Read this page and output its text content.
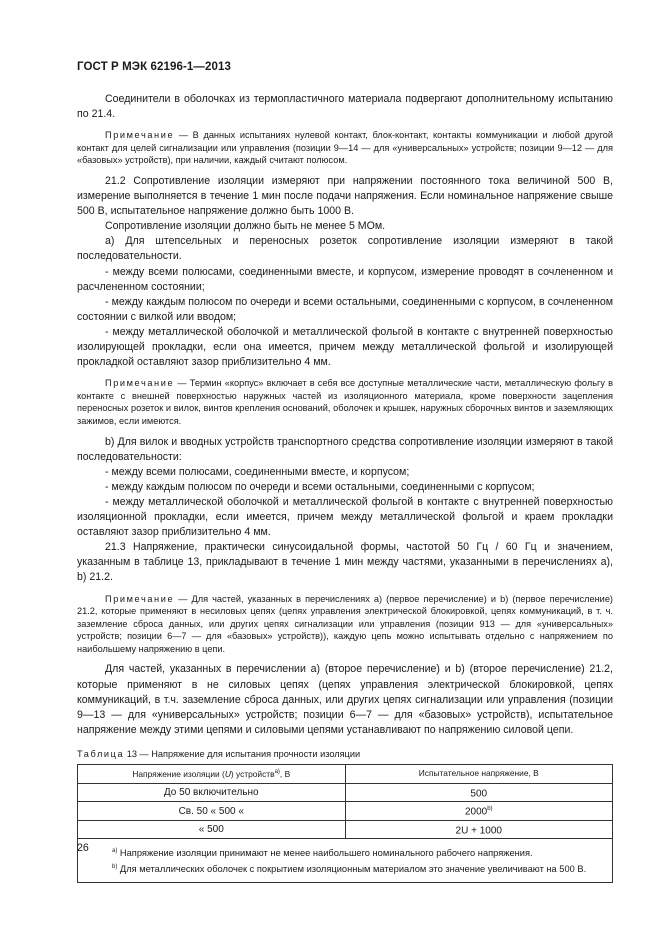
ГОСТ Р МЭК 62196-1—2013

Соединители в оболочках из термопластичного материала подвергают дополнительному испытанию по 21.4.

Примечание — В данных испытаниях нулевой контакт, блок-контакт, контакты коммуникации и любой другой контакт для целей сигнализации или управления (позиции 9—14 — для «универсальных» устройств; позиции 9—12 — для «базовых» устройств), при наличии, каждый считают полюсом.

21.2 Сопротивление изоляции измеряют при напряжении постоянного тока величиной 500 В, измерение выполняется в течение 1 мин после подачи напряжения. Если номинальное напряжение свыше 500 В, испытательное напряжение должно быть 1000 В.

Сопротивление изоляции должно быть не менее 5 МОм.

а) Для штепсельных и переносных розеток сопротивление изоляции измеряют в такой последовательности.

- между всеми полюсами, соединенными вместе, и корпусом, измерение проводят в сочлененном и расчлененном состоянии;

- между каждым полюсом по очереди и всеми остальными, соединенными с корпусом, в сочлененном состоянии с вилкой или вводом;

- между металлической оболочкой и металлической фольгой в контакте с внутренней поверхностью изолирующей прокладки, если она имеется, причем между металлической фольгой и изолирующей прокладкой оставляют зазор приблизительно 4 мм.

Примечание — Термин «корпус» включает в себя все доступные металлические части, металлическую фольгу в контакте с внешней поверхностью наружных частей из изоляционного материала, кроме поверхности зацепления переносных розеток и вилок, винтов крепления оснований, оболочек и крышек, наружных сборочных винтов и заземляющих зажимов, если имеются.

b) Для вилок и вводных устройств транспортного средства сопротивление изоляции измеряют в такой последовательности:

- между всеми полюсами, соединенными вместе, и корпусом;

- между каждым полюсом по очереди и всеми остальными, соединенными с корпусом;

- между металлической оболочкой и металлической фольгой в контакте с внутренней поверхностью изоляционной прокладки, если имеется, причем между металлической фольгой и краем прокладки оставляют зазор приблизительно 4 мм.

21.3 Напряжение, практически синусоидальной формы, частотой 50 Гц / 60 Гц и значением, указанным в таблице 13, прикладывают в течение 1 мин между частями, указанными в перечислениях а), b) 21.2.

Примечание — Для частей, указанных в перечислениях а) (первое перечисление) и b) (первое перечисление) 21.2, которые применяют в несиловых цепях (цепях управления электрической блокировкой, цепях коммуникаций, в т. ч. заземление сброса данных, или других цепях сигнализации или управления (позиции 913 — для «универсальных» устройств; позиции 6—7 — для «базовых» устройств)), каждую цепь можно испытывать отдельно с напряжением по наибольшему напряжению в цепи.

Для частей, указанных в перечислении а) (второе перечисление) и b) (второе перечисление) 21.2, которые применяют в не силовых цепях (цепях управления электрической блокировкой, цепях коммуникаций, в т.ч. заземление сброса данных, или других цепях сигнализации или управления (позиции 9—13 — для «универсальных» устройств; позиции 6—7 — для «базовых» устройств), испытательное напряжение между этими цепями и силовыми цепями устанавливают по напряжению силовой цепи.

Таблица 13 — Напряжение для испытания прочности изоляции

Напряжение изоляции (U) устройств$^{а)}$, В	Испытательное напряжение, В
До 50 включительно	500
Св. 50 « 500 «	2000$^{b)}$
« 500	2U + 1000

$^{а)}$ Напряжение изоляции принимают не менее наибольшего номинального рабочего напряжения.

$^{b)}$ Для металлических оболочек с покрытием изоляционным материалом это значение увеличивают на 500 В.	

26
